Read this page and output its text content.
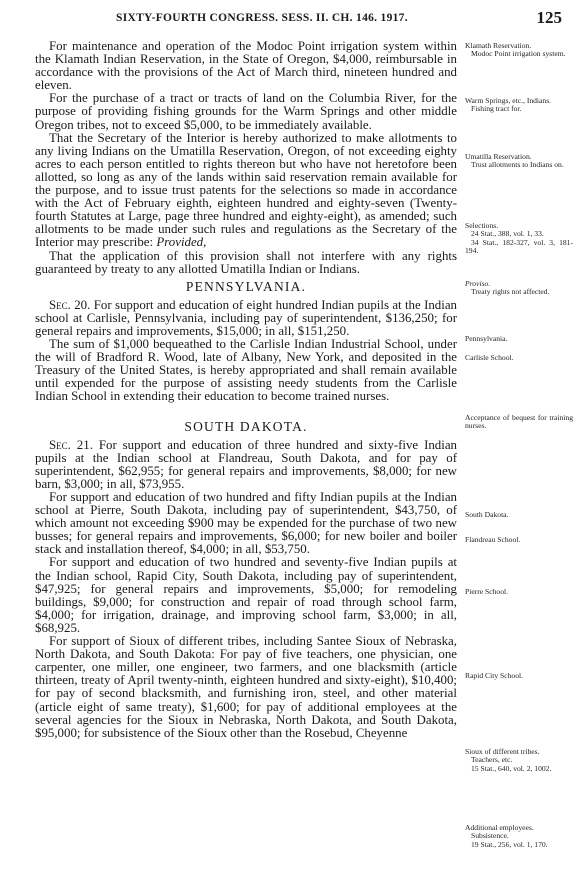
SIXTY-FOURTH CONGRESS. SESS. II. CH. 146. 1917.	125

For maintenance and operation of the Modoc Point irrigation system within the Klamath Indian Reservation, in the State of Oregon, $4,000, reimbursable in accordance with the provisions of the Act of March third, nineteen hundred and eleven.

For the purchase of a tract or tracts of land on the Columbia River, for the purpose of providing fishing grounds for the Warm Springs and other middle Oregon tribes, not to exceed $5,000, to be immediately available.

That the Secretary of the Interior is hereby authorized to make allotments to any living Indians on the Umatilla Reservation, Oregon, of not exceeding eighty acres to each person entitled to rights thereon but who have not heretofore been allotted, so long as any of the lands within said reservation remain available for the purpose, and to issue trust patents for the selections so made in accordance with the Act of February eighth, eighteen hundred and eighty-seven (Twenty-fourth Statutes at Large, page three hundred and eighty-eight), as amended; such allotments to be made under such rules and regulations as the Secretary of the Interior may prescribe: Provided,

That the application of this provision shall not interfere with any rights guaranteed by treaty to any allotted Umatilla Indian or Indians.

PENNSYLVANIA.

Sec. 20. For support and education of eight hundred Indian pupils at the Indian school at Carlisle, Pennsylvania, including pay of superintendent, $136,250; for general repairs and improvements, $15,000; in all, $151,250.

The sum of $1,000 bequeathed to the Carlisle Indian Industrial School, under the will of Bradford R. Wood, late of Albany, New York, and deposited in the Treasury of the United States, is hereby appropriated and shall remain available until expended for the purpose of assisting needy students from the Carlisle Indian School in extending their education to become trained nurses.

SOUTH DAKOTA.

Sec. 21. For support and education of three hundred and sixty-five Indian pupils at the Indian school at Flandreau, South Dakota, and for pay of superintendent, $62,955; for general repairs and improvements, $8,000; for new barn, $3,000; in all, $73,955.

For support and education of two hundred and fifty Indian pupils at the Indian school at Pierre, South Dakota, including pay of superintendent, $43,750, of which amount not exceeding $900 may be expended for the purchase of two new busses; for general repairs and improvements, $6,000; for new boiler and boiler stack and installation thereof, $4,000; in all, $53,750.

For support and education of two hundred and seventy-five Indian pupils at the Indian school, Rapid City, South Dakota, including pay of superintendent, $47,925; for general repairs and improvements, $5,000; for remodeling buildings, $9,000; for construction and repair of road through school farm, $4,000; for irrigation, drainage, and improving school farm, $3,000; in all, $68,925.

For support of Sioux of different tribes, including Santee Sioux of Nebraska, North Dakota, and South Dakota: For pay of five teachers, one physician, one carpenter, one miller, one engineer, two farmers, and one blacksmith (article thirteen, treaty of April twenty-ninth, eighteen hundred and sixty-eight), $10,400; for pay of second blacksmith, and furnishing iron, steel, and other material (article eight of same treaty), $1,600; for pay of additional employees at the several agencies for the Sioux in Nebraska, North Dakota, and South Dakota, $95,000; for subsistence of the Sioux other than the Rosebud, Cheyenne

Klamath Reservation.
Modoc Point irrigation system.
Warm Springs, etc., Indians.
Fishing tract for.
Umatilla Reservation.
Trust allotments to Indians on.
Selections.
24 Stat., 388, vol. 1, 33.
34 Stat., 182-327, vol. 3, 181-194.
Proviso.
Treaty rights not affected.
Pennsylvania.
Carlisle School.
Acceptance of bequest for training nurses.
South Dakota.
Flandreau School.
Pierre School.
Rapid City School.
Sioux of different tribes.
Teachers, etc.
15 Stat., 640, vol. 2, 1002.
Additional employees.
Subsistence.
19 Stat., 256, vol. 1, 170.
